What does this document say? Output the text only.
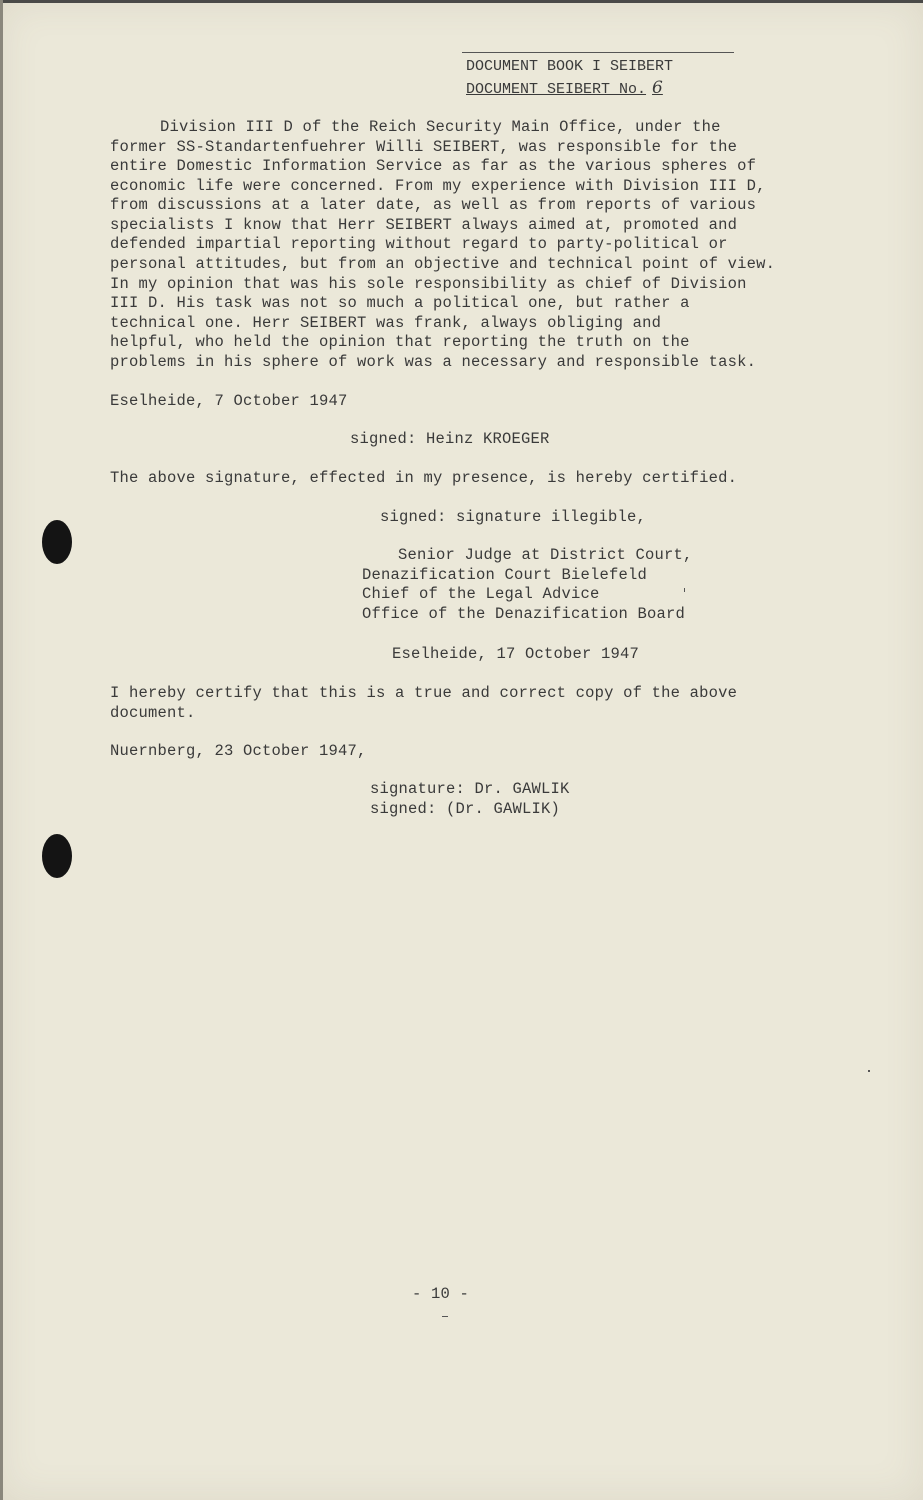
DOCUMENT BOOK I SEIBERT
DOCUMENT SEIBERT No. 6
Division III D of the Reich Security Main Office, under the
former SS-Standartenfuehrer Willi SEIBERT, was responsible for the
entire Domestic Information Service as far as the various spheres of
economic life were concerned. From my experience with Division III D,
from discussions at a later date, as well as from reports of various
specialists I know that Herr SEIBERT always aimed at, promoted and
defended impartial reporting without regard to party-political or
personal attitudes, but from an objective and technical point of view.
In my opinion that was his sole responsibility as chief of Division
III D. His task was not so much a political one, but rather a
technical one. Herr SEIBERT was frank, always obliging and
helpful, who held the opinion that reporting the truth on the
problems in his sphere of work was a necessary and responsible task.
Eselheide, 7 October 1947
signed: Heinz KROEGER
The above signature, effected in my presence, is hereby certified.
signed: signature illegible,
Senior Judge at District Court,
Denazification Court Bielefeld
Chief of the Legal Advice
Office of the Denazification Board
Eselheide, 17 October 1947
I hereby certify that this is a true and correct copy of the above
document.
Nuernberg, 23 October 1947,
signature: Dr. GAWLIK
signed: (Dr. GAWLIK)
- 10 -
